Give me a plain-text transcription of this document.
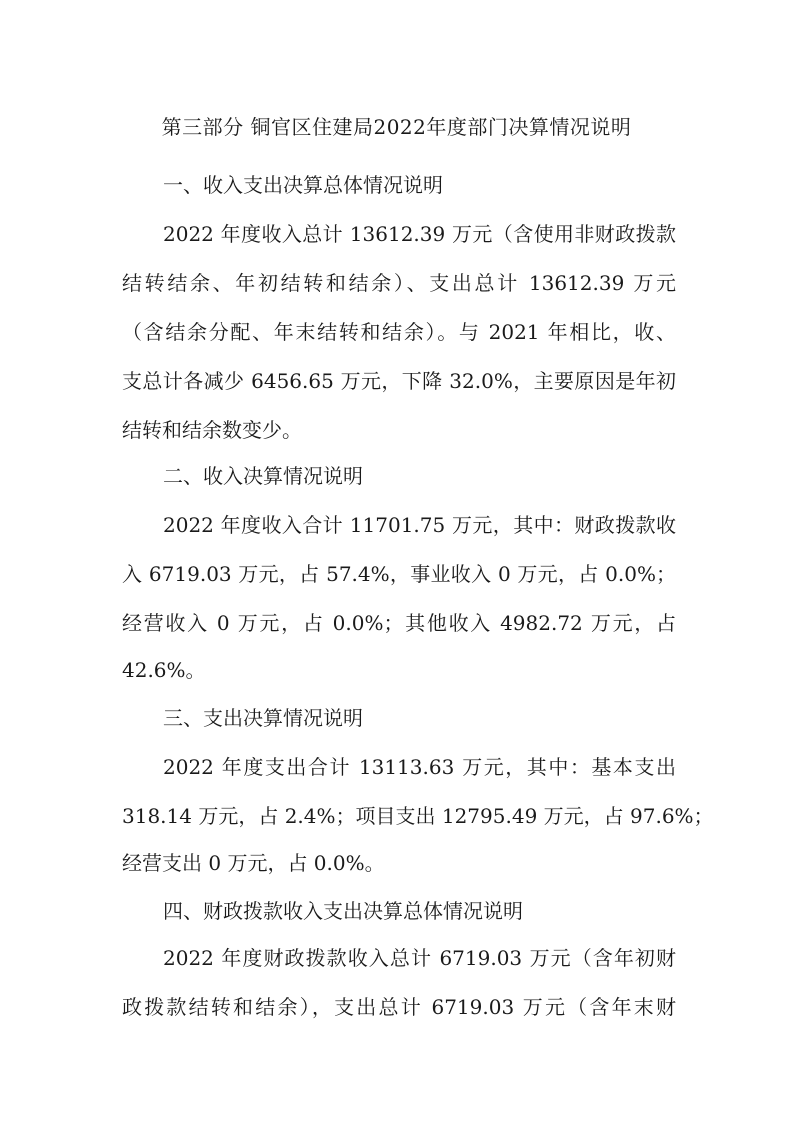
第三部分 铜官区住建局2022年度部门决算情况说明
一、收入支出决算总体情况说明
2022 年度收入总计 13612.39 万元（含使用非财政拨款
结转结余、年初结转和结余）、支出总计 13612.39 万元
（含结余分配、年末结转和结余）。与 2021 年相比，收、
支总计各减少 6456.65 万元，下降 32.0%，主要原因是年初
结转和结余数变少。
二、收入决算情况说明
2022 年度收入合计 11701.75 万元，其中：财政拨款收
入 6719.03 万元，占 57.4%，事业收入 0 万元，占 0.0%；
经营收入 0 万元，占 0.0%；其他收入 4982.72 万元，占
42.6%。
三、支出决算情况说明
2022 年度支出合计 13113.63 万元，其中：基本支出
318.14 万元，占 2.4%；项目支出 12795.49 万元，占 97.6%；
经营支出 0 万元，占 0.0%。
四、财政拨款收入支出决算总体情况说明
2022 年度财政拨款收入总计 6719.03 万元（含年初财
政拨款结转和结余），支出总计 6719.03 万元（含年末财
